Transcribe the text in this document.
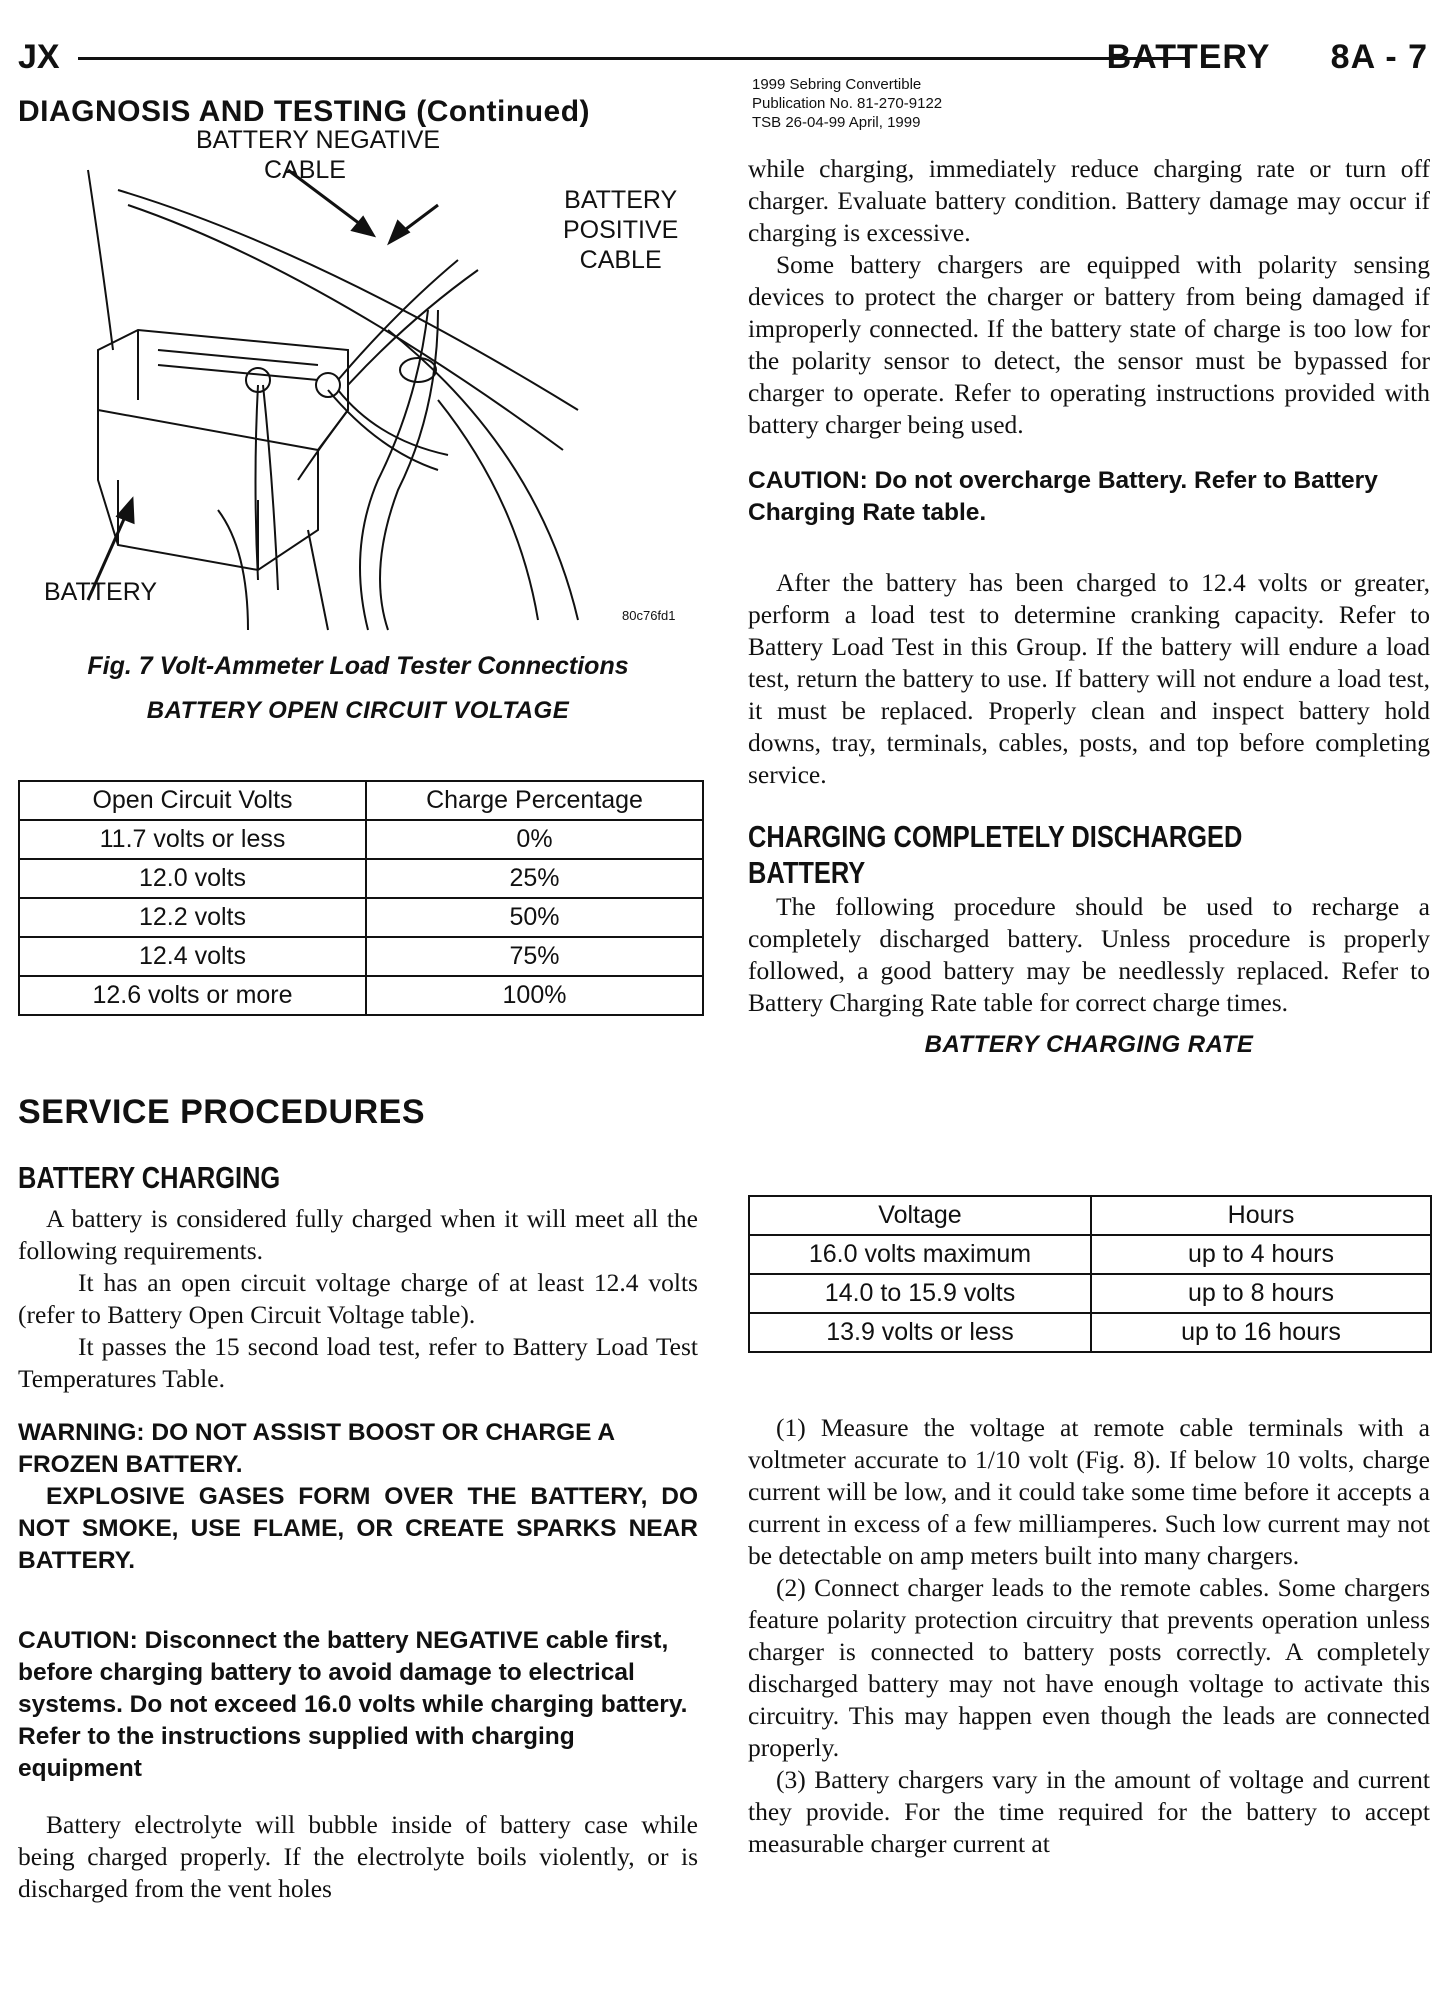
JX	BATTERY 8A - 7
1999 Sebring Convertible
Publication No. 81-270-9122
TSB 26-04-99 April, 1999
DIAGNOSIS AND TESTING (Continued)
BATTERY NEGATIVE
CABLE
BATTERY
POSITIVE
CABLE
BATTERY
80c76fd1
Fig. 7 Volt-Ammeter Load Tester Connections
BATTERY OPEN CIRCUIT VOLTAGE
Open Circuit Volts	Charge Percentage
11.7 volts or less	0%
12.0 volts	25%
12.2 volts	50%
12.4 volts	75%
12.6 volts or more	100%
SERVICE PROCEDURES
BATTERY CHARGING

A battery is considered fully charged when it will meet all the following requirements.

It has an open circuit voltage charge of at least 12.4 volts (refer to Battery Open Circuit Voltage table).

It passes the 15 second load test, refer to Battery Load Test Temperatures Table.

WARNING: DO NOT ASSIST BOOST OR CHARGE A FROZEN BATTERY.

EXPLOSIVE GASES FORM OVER THE BATTERY, DO NOT SMOKE, USE FLAME, OR CREATE SPARKS NEAR BATTERY.

CAUTION: Disconnect the battery NEGATIVE cable first, before charging battery to avoid damage to electrical systems. Do not exceed 16.0 volts while charging battery. Refer to the instructions supplied with charging equipment

Battery electrolyte will bubble inside of battery case while being charged properly. If the electrolyte boils violently, or is discharged from the vent holes

while charging, immediately reduce charging rate or turn off charger. Evaluate battery condition. Battery damage may occur if charging is excessive.

Some battery chargers are equipped with polarity sensing devices to protect the charger or battery from being damaged if improperly connected. If the battery state of charge is too low for the polarity sensor to detect, the sensor must be bypassed for charger to operate. Refer to operating instructions provided with battery charger being used.

CAUTION: Do not overcharge Battery. Refer to Battery Charging Rate table.

After the battery has been charged to 12.4 volts or greater, perform a load test to determine cranking capacity. Refer to Battery Load Test in this Group. If the battery will endure a load test, return the battery to use. If battery will not endure a load test, it must be replaced. Properly clean and inspect battery hold downs, tray, terminals, cables, posts, and top before completing service.

CHARGING COMPLETELY DISCHARGED
BATTERY

The following procedure should be used to recharge a completely discharged battery. Unless procedure is properly followed, a good battery may be needlessly replaced. Refer to Battery Charging Rate table for correct charge times.

BATTERY CHARGING RATE
Voltage	Hours
16.0 volts maximum	up to 4 hours
14.0 to 15.9 volts	up to 8 hours
13.9 volts or less	up to 16 hours

(1) Measure the voltage at remote cable terminals with a voltmeter accurate to 1/10 volt (Fig. 8). If below 10 volts, charge current will be low, and it could take some time before it accepts a current in excess of a few milliamperes. Such low current may not be detectable on amp meters built into many chargers.

(2) Connect charger leads to the remote cables. Some chargers feature polarity protection circuitry that prevents operation unless charger is connected to battery posts correctly. A completely discharged battery may not have enough voltage to activate this circuitry. This may happen even though the leads are connected properly.

(3) Battery chargers vary in the amount of voltage and current they provide. For the time required for the battery to accept measurable charger current at
